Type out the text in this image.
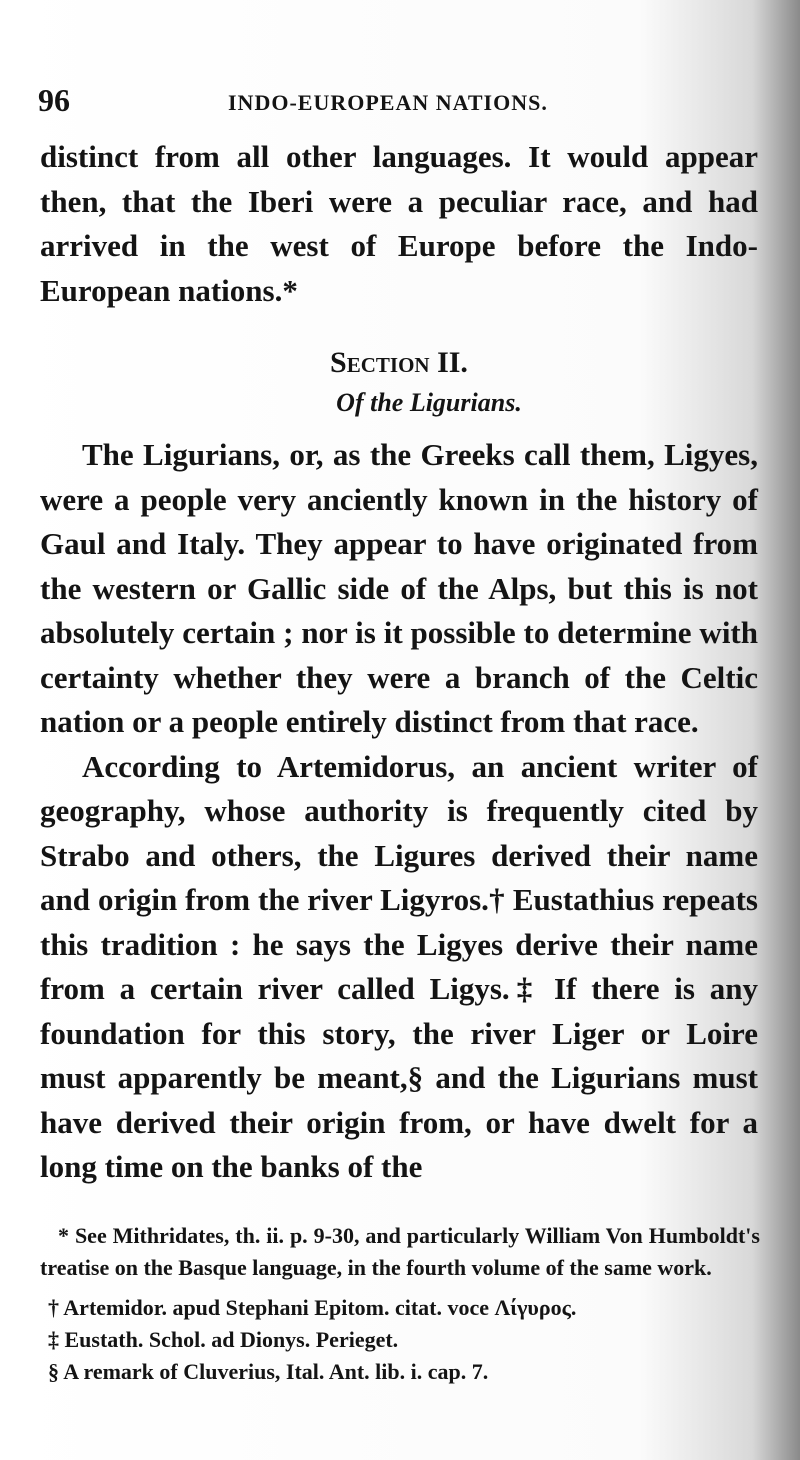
96	INDO-EUROPEAN NATIONS.

distinct from all other languages. It would appear then, that the Iberi were a peculiar race, and had arrived in the west of Europe before the Indo-European nations.*

Section II.
Of the Ligurians.

The Ligurians, or, as the Greeks call them, Ligyes, were a people very anciently known in the history of Gaul and Italy. They appear to have originated from the western or Gallic side of the Alps, but this is not absolutely certain ; nor is it possible to determine with certainty whether they were a branch of the Celtic nation or a people entirely distinct from that race.

According to Artemidorus, an ancient writer of geography, whose authority is frequently cited by Strabo and others, the Ligures derived their name and origin from the river Ligyros.† Eustathius repeats this tradition : he says the Ligyes derive their name from a certain river called Ligys.‡ If there is any foundation for this story, the river Liger or Loire must apparently be meant,§ and the Ligurians must have derived their origin from, or have dwelt for a long time on the banks of the

* See Mithridates, th. ii. p. 9-30, and particularly William Von Humboldt's treatise on the Basque language, in the fourth volume of the same work.

† Artemidor. apud Stephani Epitom. citat. voce Λίγυρος.

‡ Eustath. Schol. ad Dionys. Perieget.

§ A remark of Cluverius, Ital. Ant. lib. i. cap. 7.
